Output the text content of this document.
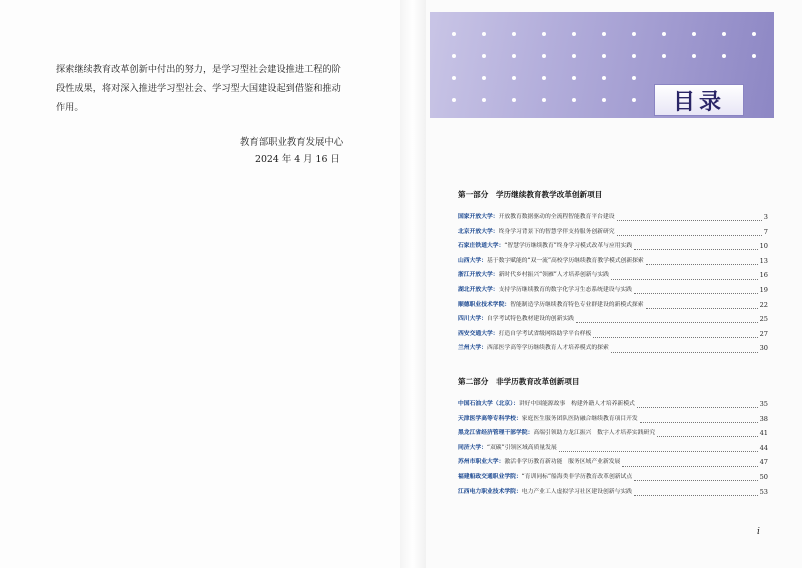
探索继续教育改革创新中付出的努力，是学习型社会建设推进工程的阶

段性成果，将对深入推进学习型社会、学习型大国建设起到借鉴和推动

作用。

教育部职业教育发展中心
2024 年 4 月 16 日
目录
第一部分　学历继续教育教学改革创新项目
国家开放大学： 开放教育数据驱动的全流程智能教育平台建设	3
北京开放大学： 终身学习背景下的智慧学伴支持服务创新研究	7
石家庄铁道大学： “智慧学历继续教育”终身学习模式改革与应用实践	10
山西大学： 基于数字赋能的“双一流”高校学历继续教育教学模式创新探索	13
浙江开放大学： 新时代乡村振兴“领雁”人才培养创新与实践	16
湖北开放大学： 支持学历继续教育的数字化学习生态系统建设与实践	19
顺德职业技术学院： 智能制造学历继续教育特色专业群建设的新模式探索	22
四川大学： 自学考试特色教材建设的创新实践	25
西安交通大学： 打造自学考试省级网络助学平台样板	27
兰州大学： 西部医学高等学历继续教育人才培养模式的探索	30
第二部分　非学历教育改革创新项目
中国石油大学（北京）： 讲好中国能源故事　构建外籍人才培养新模式	35
天津医学高等专科学校： 家庭医生服务团队医防融合继续教育项目开发	38
黑龙江省经济管理干部学院： 高端引领助力龙江振兴　数字人才培养实践研究	41
同济大学： “双碳”引领区域高质量发展	44
苏州市职业大学： 激活非学历教育新功能　服务区域产业新发展	47
福建船政交通职业学院： “育训同标”船海类非学历教育改革创新试点	50
江西电力职业技术学院： 电力产业工人虚拟学习社区建设创新与实践	53
i
